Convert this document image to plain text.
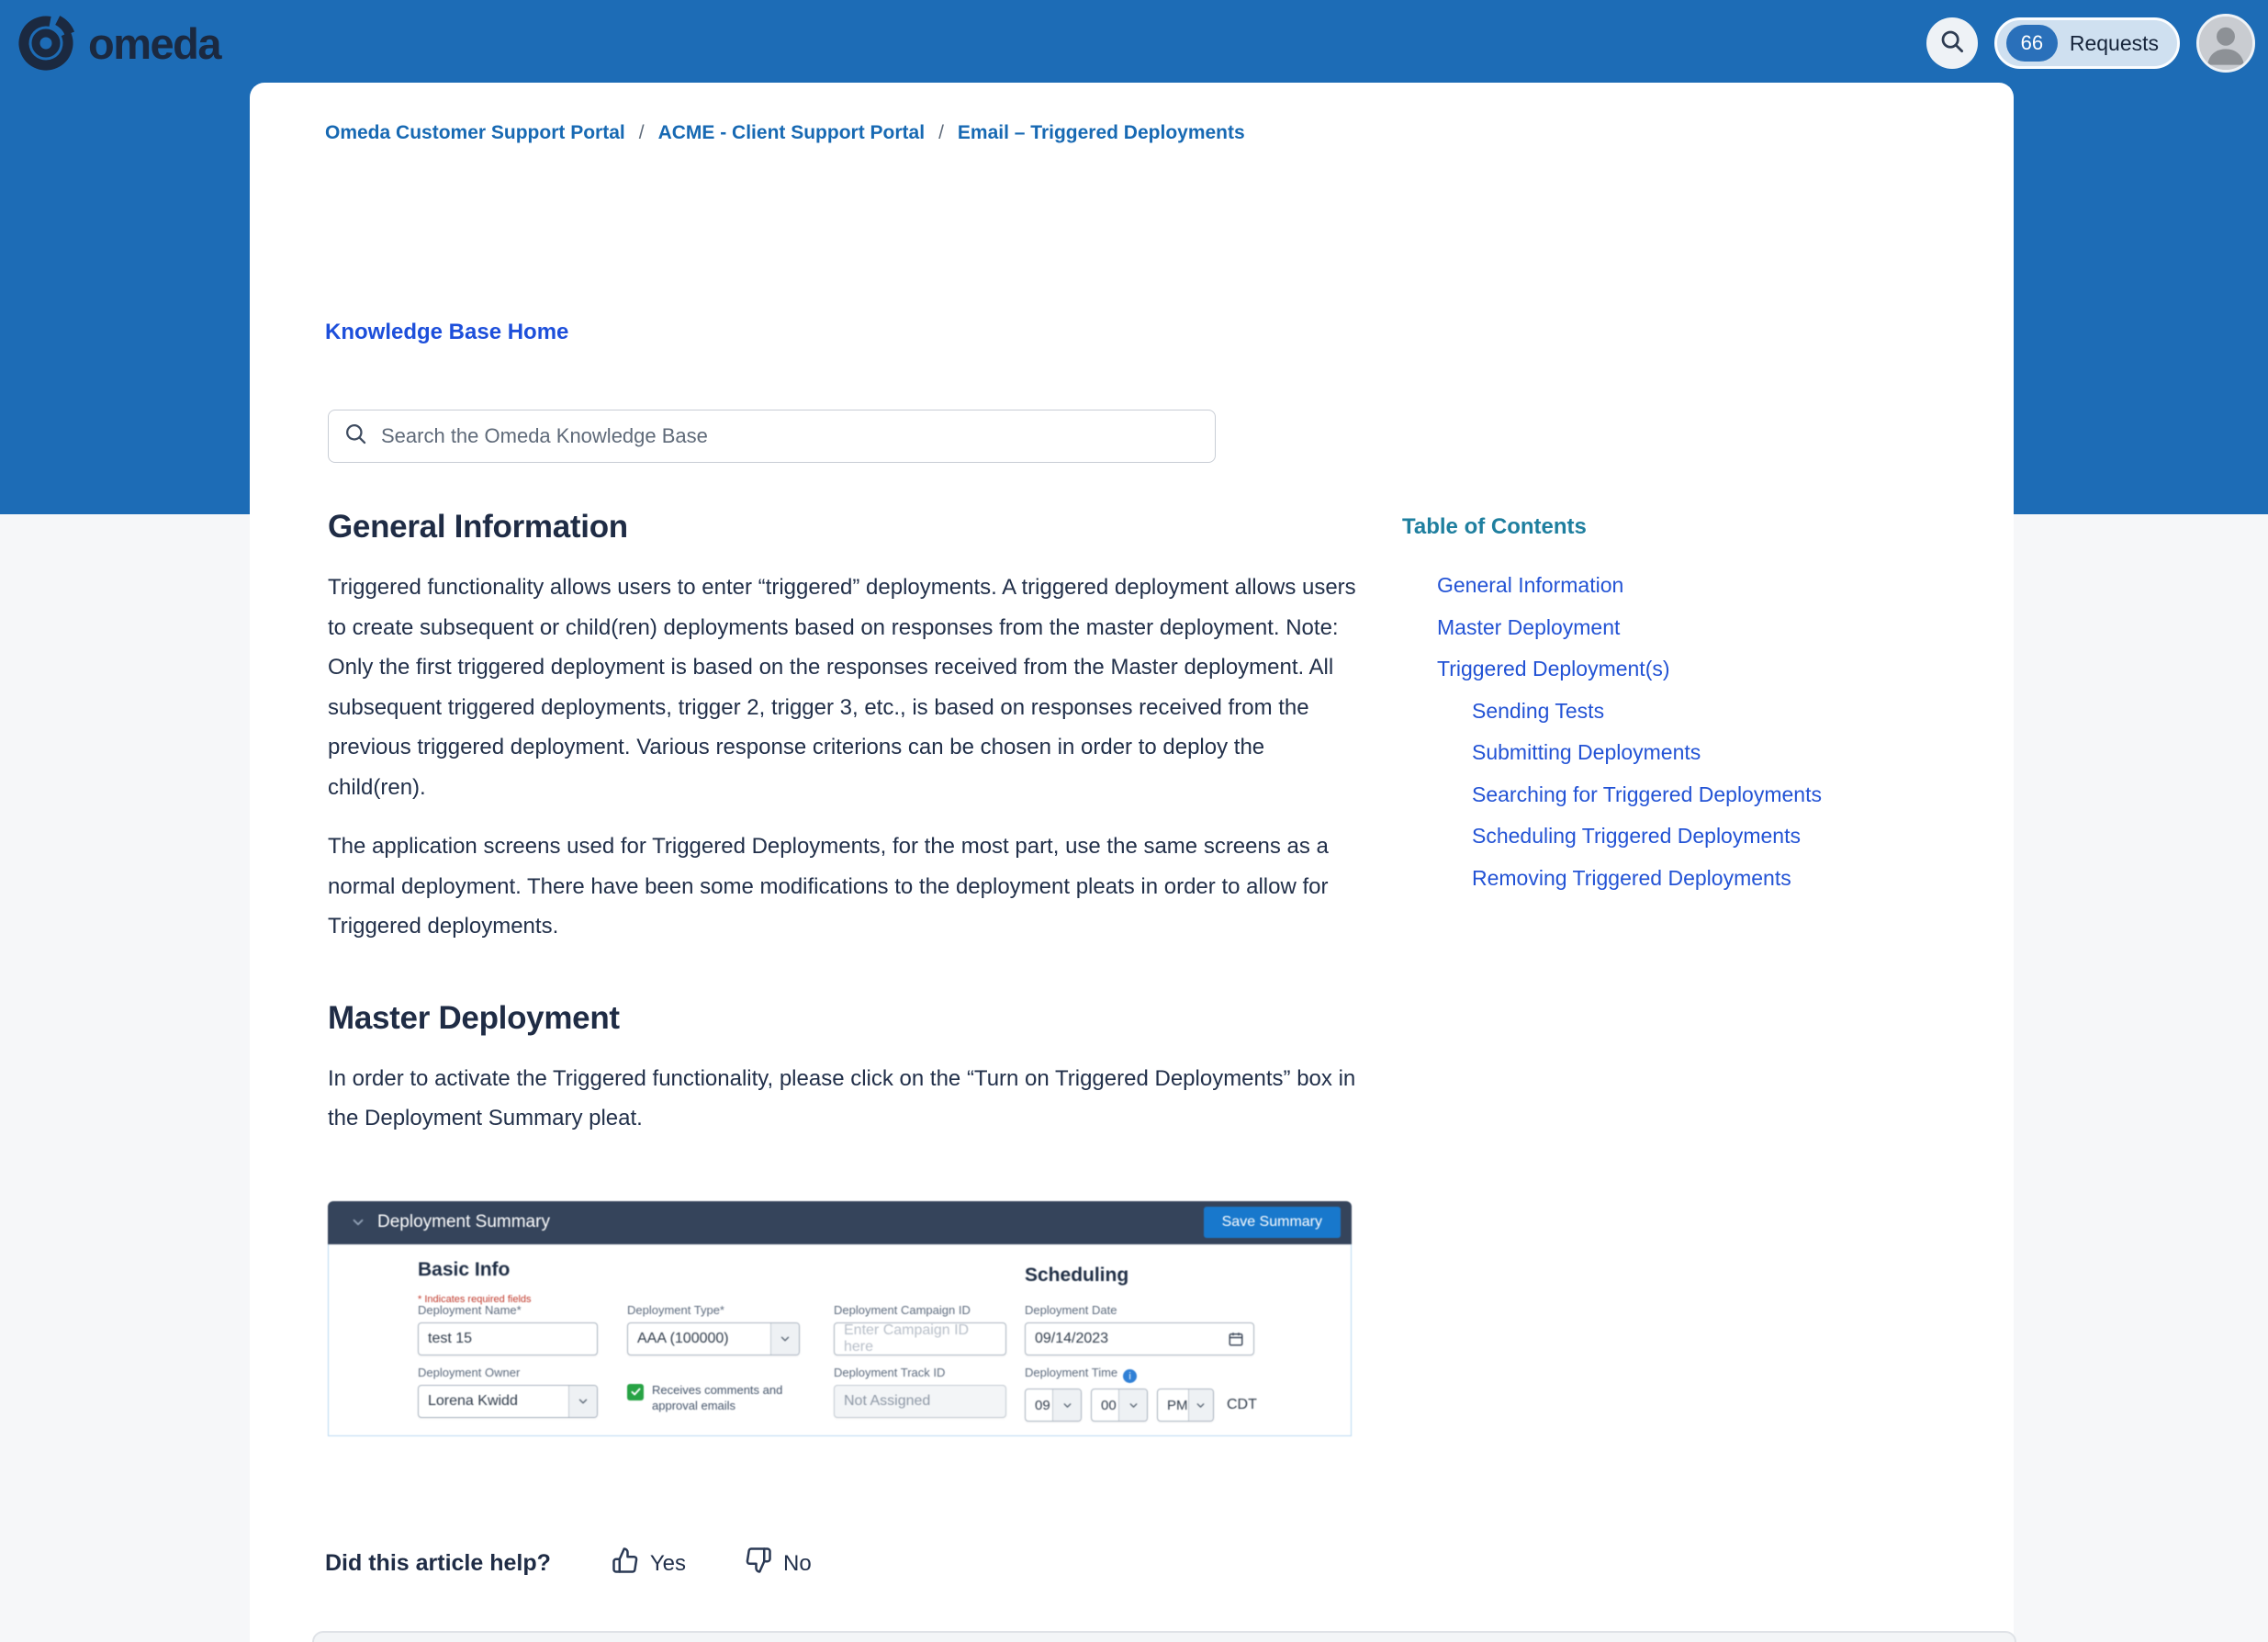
omeda	66	Requests
Omeda Customer Support Portal / ACME - Client Support Portal / Email – Triggered Deployments
Knowledge Base Home
Search the Omeda Knowledge Base
General Information

Triggered functionality allows users to enter “triggered” deployments. A triggered deployment allows users to create subsequent or child(ren) deployments based on responses from the master deployment. Note: Only the first triggered deployment is based on the responses received from the Master deployment. All subsequent triggered deployments, trigger 2, trigger 3, etc., is based on responses received from the previous triggered deployment. Various response criterions can be chosen in order to deploy the child(ren).

The application screens used for Triggered Deployments, for the most part, use the same screens as a normal deployment. There have been some modifications to the deployment pleats in order to allow for Triggered deployments.

Master Deployment

In order to activate the Triggered functionality, please click on the “Turn on Triggered Deployments” box in the Deployment Summary pleat.

Deployment Summary	Save Summary
Basic Info
* Indicates required fields
Scheduling
Deployment Name*
test 15
Deployment Type*
AAA (100000)
Deployment Campaign ID
Enter Campaign ID here
Deployment Date
09/14/2023
Deployment Owner
Lorena Kwidd
Receives comments and approval emails
Deployment Track ID
Not Assigned
Deployment Time i
09	00	PM	CDT
Table of Contents
General Information
Master Deployment
Triggered Deployment(s)
Sending Tests
Submitting Deployments
Searching for Triggered Deployments
Scheduling Triggered Deployments
Removing Triggered Deployments
Did this article help?	Yes	No
